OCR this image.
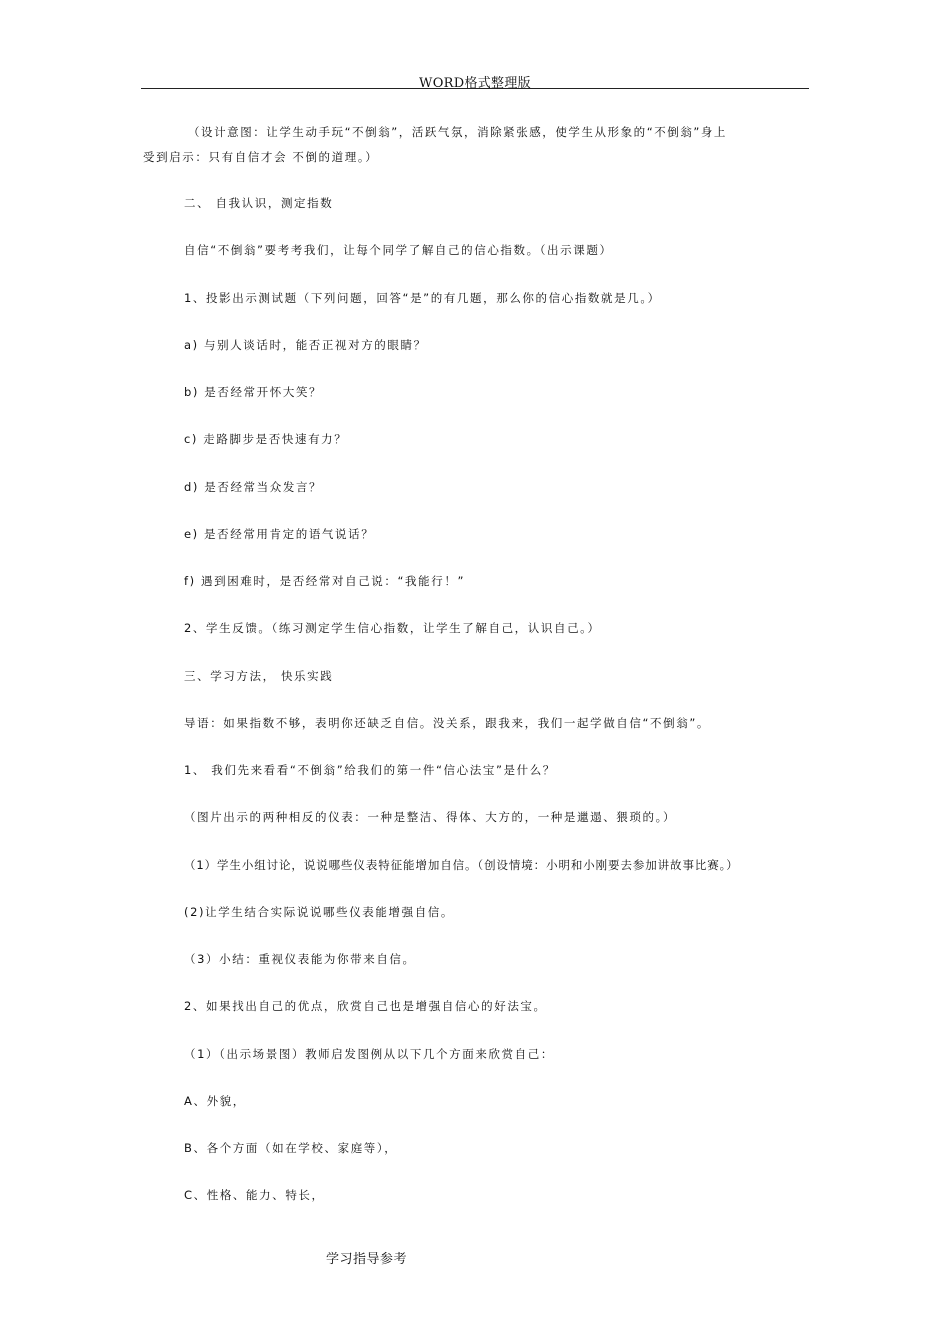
WORD格式整理版
（设计意图：让学生动手玩“不倒翁”，活跃气氛，消除紧张感，使学生从形象的“不倒翁”身上
受到启示：只有自信才会 不倒的道理。）
二、 自我认识，测定指数
自信“不倒翁”要考考我们，让每个同学了解自己的信心指数。（出示课题）
1、投影出示测试题（下列问题，回答“是”的有几题，那么你的信心指数就是几。）
a) 与别人谈话时，能否正视对方的眼睛？
b) 是否经常开怀大笑？
c) 走路脚步是否快速有力？
d) 是否经常当众发言？
e) 是否经常用肯定的语气说话？
f) 遇到困难时，是否经常对自己说：“我能行！”
2、学生反馈。（练习测定学生信心指数，让学生了解自己，认识自己。）
三、学习方法， 快乐实践
导语：如果指数不够，表明你还缺乏自信。没关系，跟我来，我们一起学做自信“不倒翁”。
1、 我们先来看看“不倒翁”给我们的第一件“信心法宝”是什么？
（图片出示的两种相反的仪表：一种是整洁、得体、大方的，一种是邋遢、猥琐的。）
（1）学生小组讨论，说说哪些仪表特征能增加自信。（创设情境：小明和小刚要去参加讲故事比赛。）
(2)让学生结合实际说说哪些仪表能增强自信。
（3）小结：重视仪表能为你带来自信。
2、如果找出自己的优点，欣赏自己也是增强自信心的好法宝。
（1）（出示场景图）教师启发图例从以下几个方面来欣赏自己：
A、外貌，
B、各个方面（如在学校、家庭等），
C、性格、能力、特长，
学习指导参考
